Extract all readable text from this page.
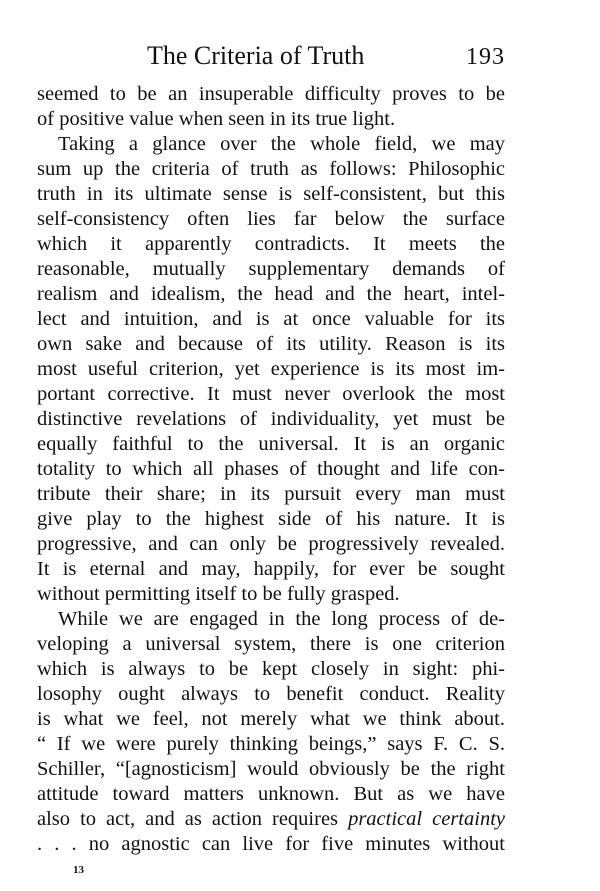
The Criteria of Truth	193
seemed to be an insuperable difficulty proves to be
of positive value when seen in its true light.
Taking a glance over the whole field, we may
sum up the criteria of truth as follows: Philosophic
truth in its ultimate sense is self-consistent, but this
self-consistency often lies far below the surface
which it apparently contradicts. It meets the
reasonable, mutually supplementary demands of
realism and idealism, the head and the heart, intel-
lect and intuition, and is at once valuable for its
own sake and because of its utility. Reason is its
most useful criterion, yet experience is its most im-
portant corrective. It must never overlook the most
distinctive revelations of individuality, yet must be
equally faithful to the universal. It is an organic
totality to which all phases of thought and life con-
tribute their share; in its pursuit every man must
give play to the highest side of his nature. It is
progressive, and can only be progressively revealed.
It is eternal and may, happily, for ever be sought
without permitting itself to be fully grasped.
While we are engaged in the long process of de-
veloping a universal system, there is one criterion
which is always to be kept closely in sight: phi-
losophy ought always to benefit conduct. Reality
is what we feel, not merely what we think about.
“ If we were purely thinking beings,” says F. C. S.
Schiller, “[agnosticism] would obviously be the right
attitude toward matters unknown. But as we have
also to act, and as action requires practical certainty
. . . no agnostic can live for five minutes without
13
